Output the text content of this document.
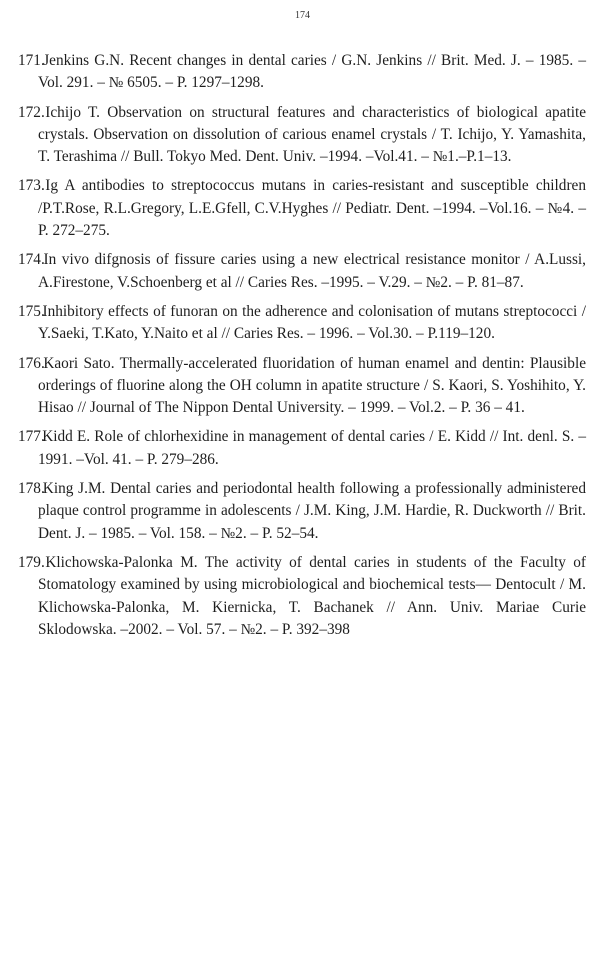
174
171. Jenkins G.N. Recent changes in dental caries / G.N. Jenkins // Brit. Med. J. – 1985. – Vol. 291. – № 6505. – P. 1297–1298.
172. Ichijo T. Observation on structural features and characteristics of biological apatite crystals. Observation on dissolution of carious enamel crystals / T. Ichijo, Y. Yamashita, T. Terashima // Bull. Tokyo Med. Dent. Univ. –1994. –Vol.41. – №1.–P.1–13.
173. Ig A antibodies to streptococcus mutans in caries-resistant and susceptible children /P.T.Rose, R.L.Gregory, L.E.Gfell, C.V.Hyghes // Pediatr. Dent. –1994. –Vol.16. – №4. – P. 272–275.
174. In vivo difgnosis of fissure caries using a new electrical resistance monitor / A.Lussi, A.Firestone, V.Schoenberg et al // Caries Res. –1995. – V.29. – №2. – P. 81–87.
175. Inhibitory effects of funoran on the adherence and colonisation of mutans streptococci / Y.Saeki, T.Kato, Y.Naito et al // Caries Res. – 1996. – Vol.30. – P.119–120.
176. Kaori Sato. Thermally-accelerated fluoridation of human enamel and dentin: Plausible orderings of fluorine along the OH column in apatite structure / S. Kaori, S. Yoshihito, Y. Hisao // Journal of The Nippon Dental University. – 1999. – Vol.2. – P. 36 – 41.
177. Kidd E. Role of chlorhexidine in management of dental caries / E. Kidd // Int. denl. S. – 1991. –Vol. 41. – P. 279–286.
178. King J.M. Dental caries and periodontal health following a professionally administered plaque control programme in adolescents / J.M. King, J.M. Hardie, R. Duckworth // Brit. Dent. J. – 1985. – Vol. 158. – №2. – P. 52–54.
179. Klichowska-Palonka M. The activity of dental caries in students of the Faculty of Stomatology examined by using microbiological and biochemical tests— Dentocult / M. Klichowska-Palonka, M. Kiernicka, T. Bachanek // Ann. Univ. Mariae Curie Sklodowska. –2002. – Vol. 57. – №2. – P. 392–398
